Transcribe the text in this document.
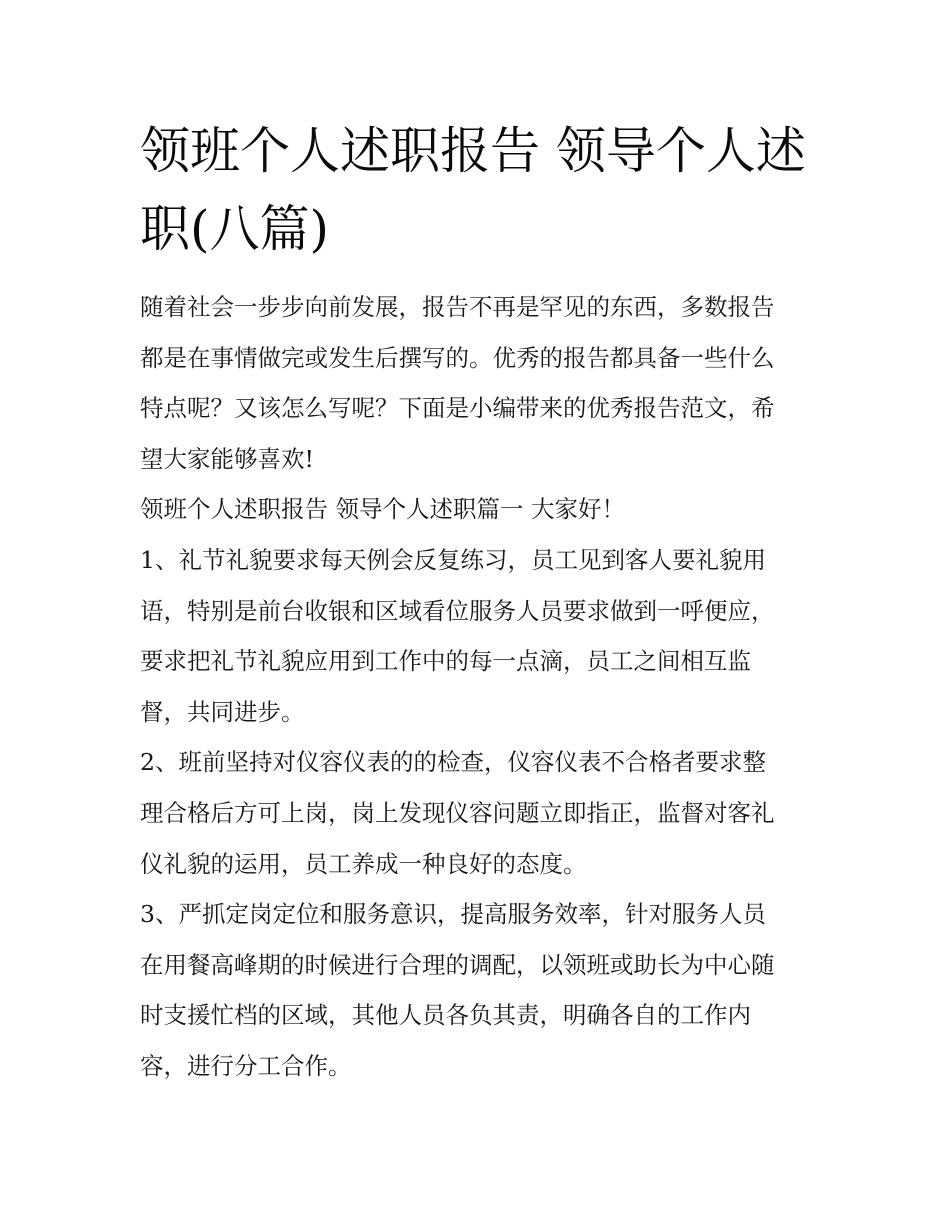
领班个人述职报告 领导个人述
职(八篇)
随着社会一步步向前发展，报告不再是罕见的东西，多数报告
都是在事情做完或发生后撰写的。优秀的报告都具备一些什么
特点呢？又该怎么写呢？下面是小编带来的优秀报告范文，希
望大家能够喜欢!
领班个人述职报告 领导个人述职篇一 大家好！
1、礼节礼貌要求每天例会反复练习，员工见到客人要礼貌用
语，特别是前台收银和区域看位服务人员要求做到一呼便应，
要求把礼节礼貌应用到工作中的每一点滴，员工之间相互监
督，共同进步。
2、班前坚持对仪容仪表的的检查，仪容仪表不合格者要求整
理合格后方可上岗，岗上发现仪容问题立即指正，监督对客礼
仪礼貌的运用，员工养成一种良好的态度。
3、严抓定岗定位和服务意识，提高服务效率，针对服务人员
在用餐高峰期的时候进行合理的调配，以领班或助长为中心随
时支援忙档的区域，其他人员各负其责，明确各自的工作内
容，进行分工合作。
